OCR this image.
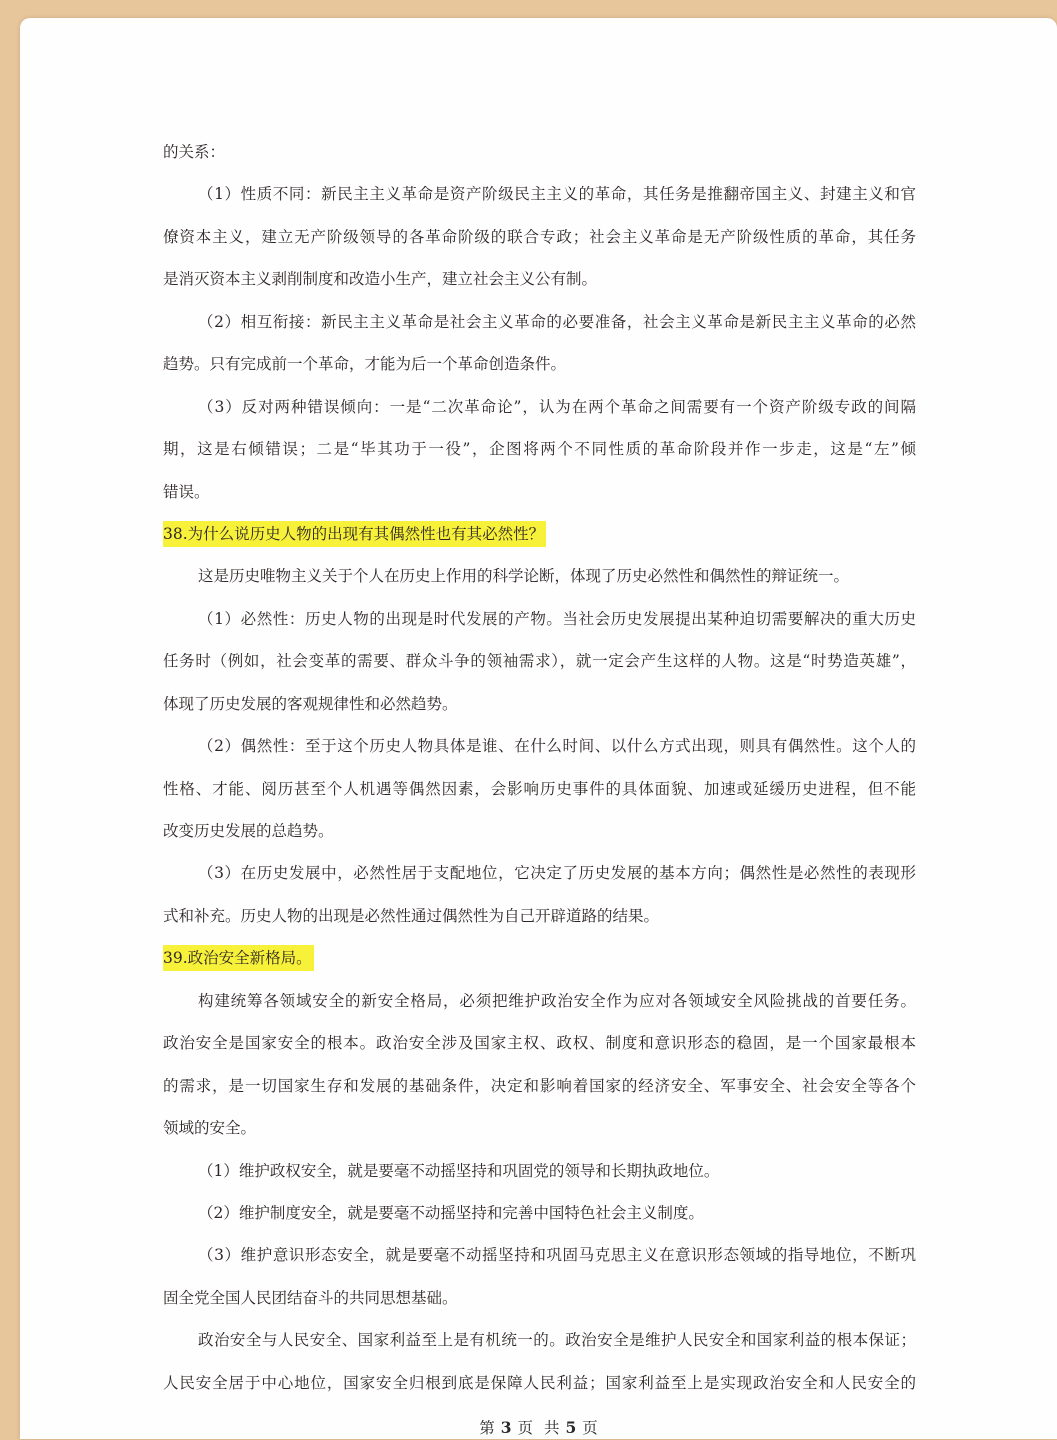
的关系：
（1）性质不同：新民主主义革命是资产阶级民主主义的革命，其任务是推翻帝国主义、封建主义和官
僚资本主义，建立无产阶级领导的各革命阶级的联合专政；社会主义革命是无产阶级性质的革命，其任务
是消灭资本主义剥削制度和改造小生产，建立社会主义公有制。
（2）相互衔接：新民主主义革命是社会主义革命的必要准备，社会主义革命是新民主主义革命的必然
趋势。只有完成前一个革命，才能为后一个革命创造条件。
（3）反对两种错误倾向：一是“二次革命论”，认为在两个革命之间需要有一个资产阶级专政的间隔
期，这是右倾错误；二是“毕其功于一役”，企图将两个不同性质的革命阶段并作一步走，这是“左”倾
错误。
38.为什么说历史人物的出现有其偶然性也有其必然性？
这是历史唯物主义关于个人在历史上作用的科学论断，体现了历史必然性和偶然性的辩证统一。
（1）必然性：历史人物的出现是时代发展的产物。当社会历史发展提出某种迫切需要解决的重大历史
任务时（例如，社会变革的需要、群众斗争的领袖需求），就一定会产生这样的人物。这是“时势造英雄”，
体现了历史发展的客观规律性和必然趋势。
（2）偶然性：至于这个历史人物具体是谁、在什么时间、以什么方式出现，则具有偶然性。这个人的
性格、才能、阅历甚至个人机遇等偶然因素，会影响历史事件的具体面貌、加速或延缓历史进程，但不能
改变历史发展的总趋势。
（3）在历史发展中，必然性居于支配地位，它决定了历史发展的基本方向；偶然性是必然性的表现形
式和补充。历史人物的出现是必然性通过偶然性为自己开辟道路的结果。
39.政治安全新格局。
构建统筹各领域安全的新安全格局，必须把维护政治安全作为应对各领域安全风险挑战的首要任务。
政治安全是国家安全的根本。政治安全涉及国家主权、政权、制度和意识形态的稳固，是一个国家最根本
的需求，是一切国家生存和发展的基础条件，决定和影响着国家的经济安全、军事安全、社会安全等各个
领域的安全。
（1）维护政权安全，就是要毫不动摇坚持和巩固党的领导和长期执政地位。
（2）维护制度安全，就是要毫不动摇坚持和完善中国特色社会主义制度。
（3）维护意识形态安全，就是要毫不动摇坚持和巩固马克思主义在意识形态领域的指导地位，不断巩
固全党全国人民团结奋斗的共同思想基础。
政治安全与人民安全、国家利益至上是有机统一的。政治安全是维护人民安全和国家利益的根本保证；
人民安全居于中心地位，国家安全归根到底是保障人民利益；国家利益至上是实现政治安全和人民安全的
第 3 页 共 5 页
